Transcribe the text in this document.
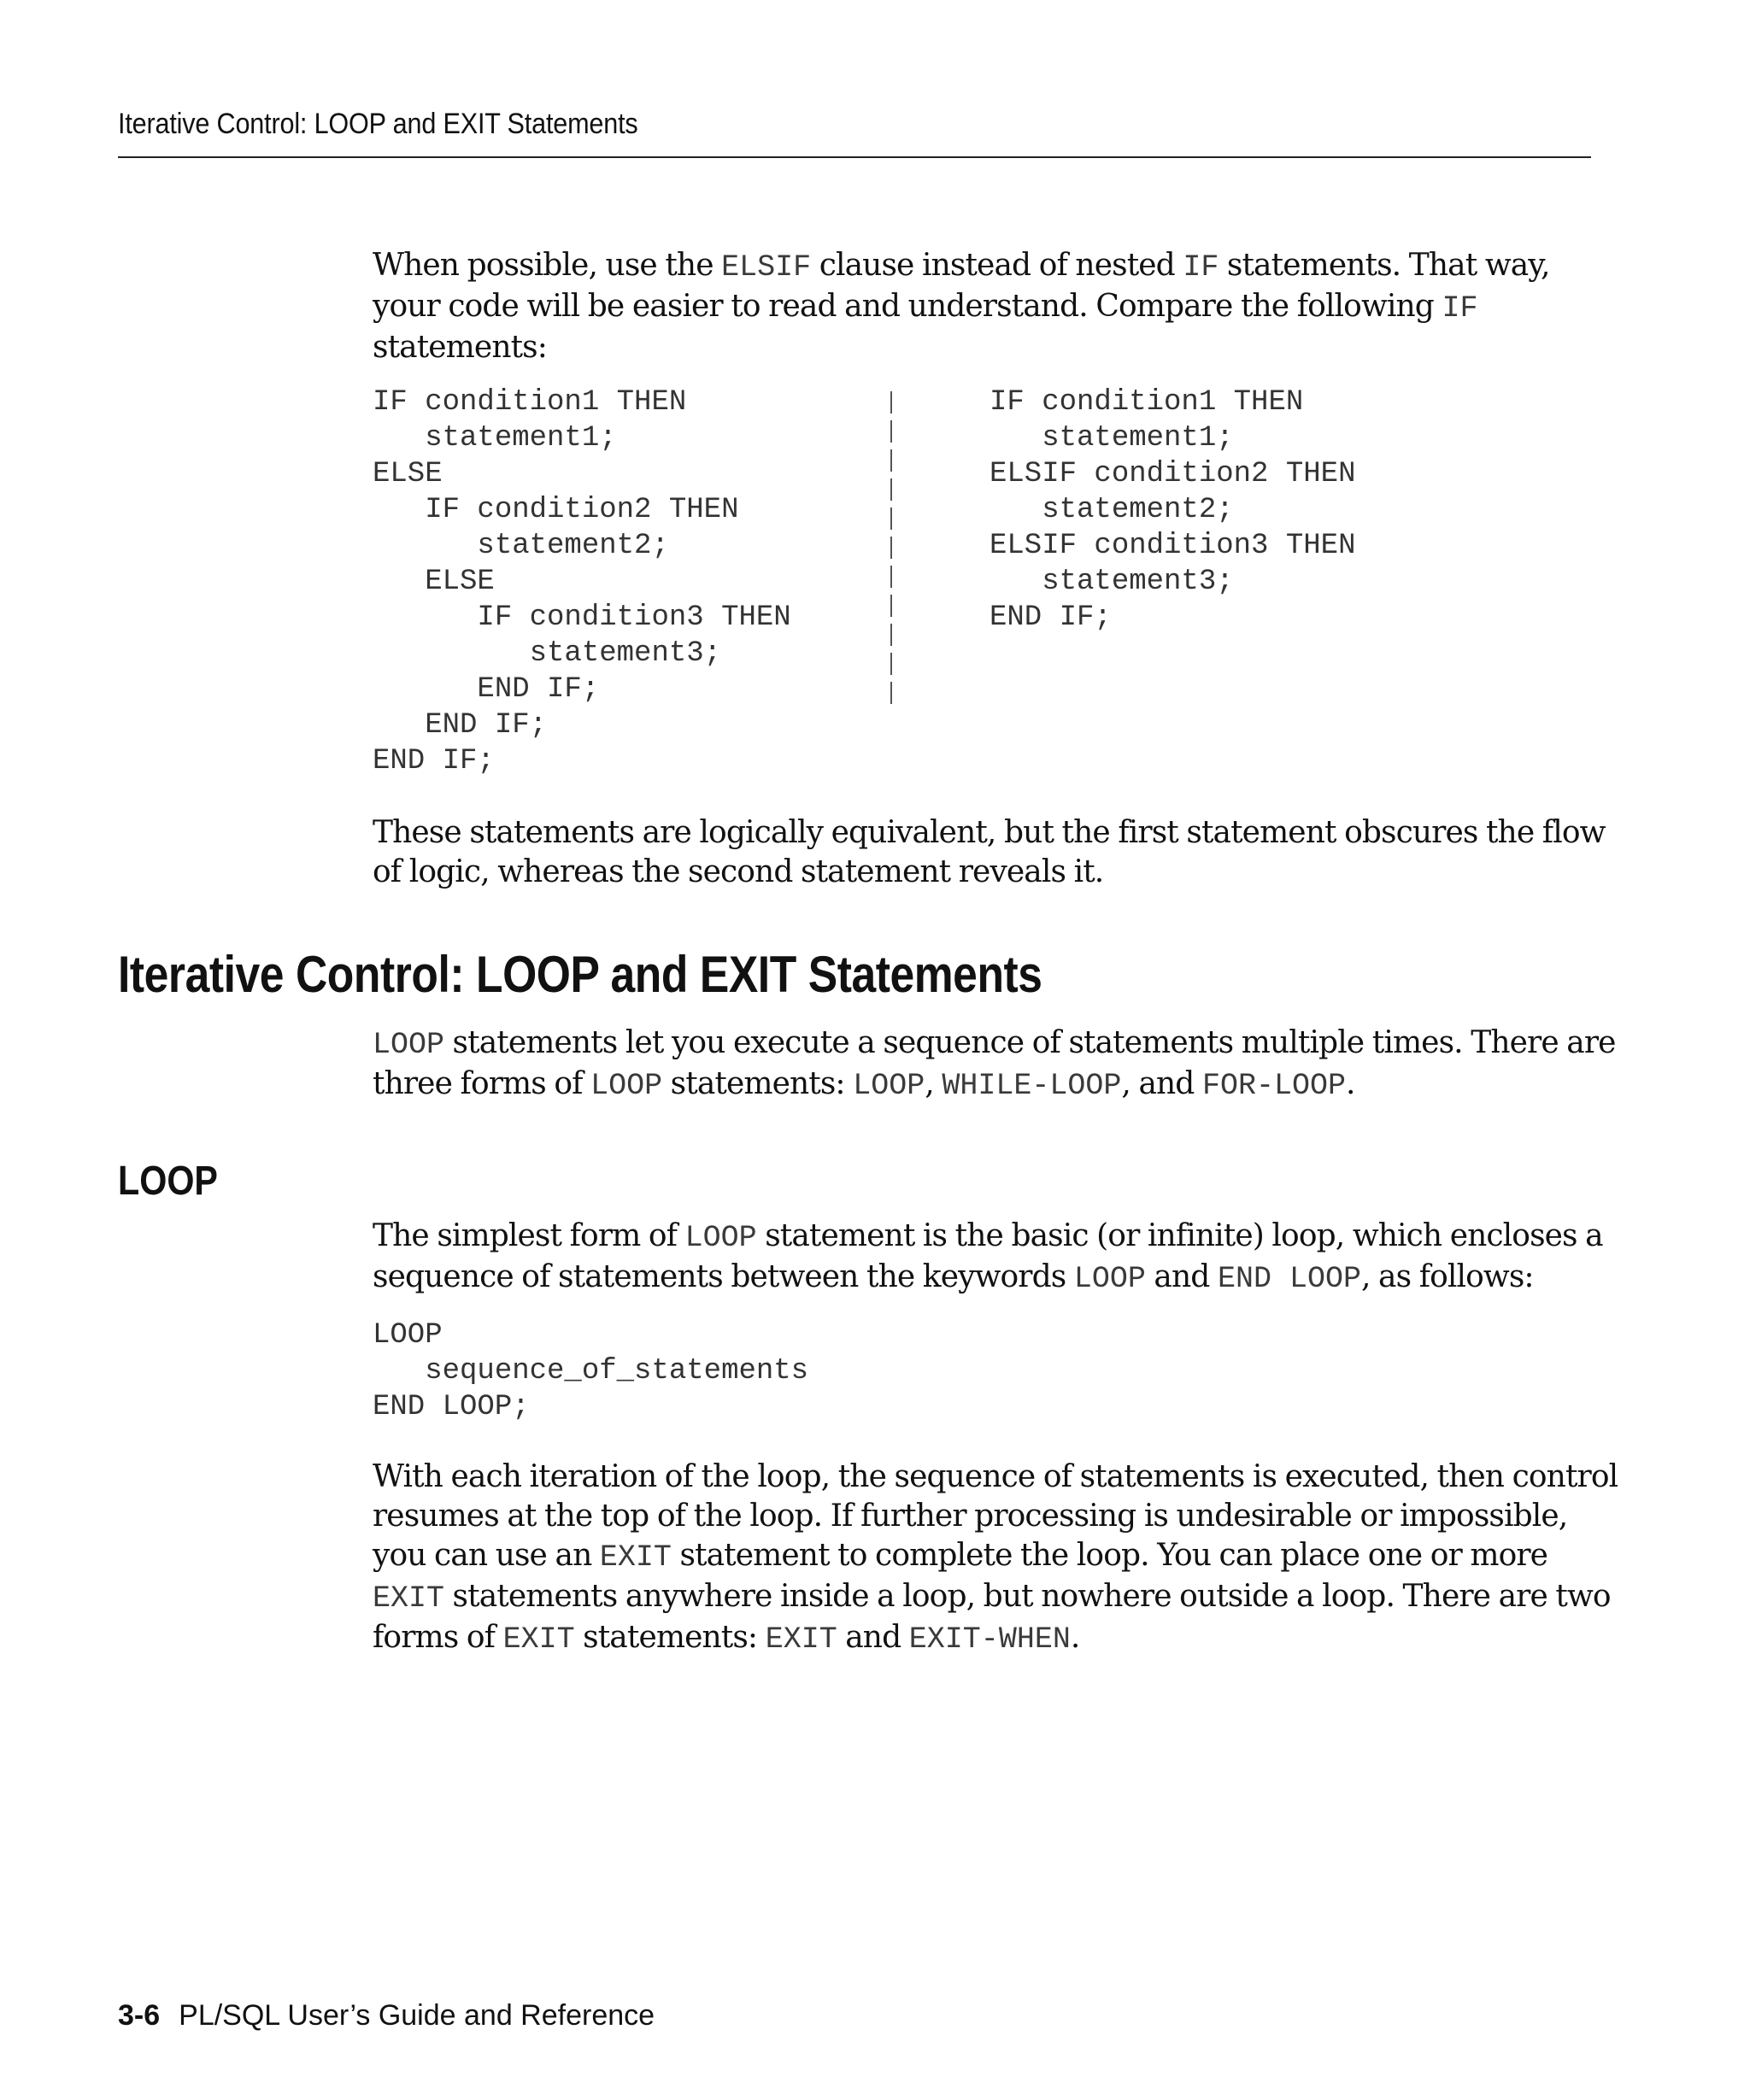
Iterative Control: LOOP and EXIT Statements

When possible, use the ELSIF clause instead of nested IF statements. That way,
your code will be easier to read and understand. Compare the following IF
statements:

IF condition1 THEN
statement1;
ELSE
IF condition2 THEN
statement2;
ELSE
IF condition3 THEN
statement3;
END IF;
END IF;
END IF;
IF condition1 THEN
statement1;
ELSIF condition2 THEN
statement2;
ELSIF condition3 THEN
statement3;
END IF;

These statements are logically equivalent, but the first statement obscures the flow
of logic, whereas the second statement reveals it.

Iterative Control: LOOP and EXIT Statements

LOOP statements let you execute a sequence of statements multiple times. There are
three forms of LOOP statements: LOOP, WHILE-LOOP, and FOR-LOOP.

LOOP

The simplest form of LOOP statement is the basic (or infinite) loop, which encloses a
sequence of statements between the keywords LOOP and END LOOP, as follows:

LOOP
sequence_of_statements
END LOOP;

With each iteration of the loop, the sequence of statements is executed, then control
resumes at the top of the loop. If further processing is undesirable or impossible,
you can use an EXIT statement to complete the loop. You can place one or more
EXIT statements anywhere inside a loop, but nowhere outside a loop. There are two
forms of EXIT statements: EXIT and EXIT-WHEN.

3-6 PL/SQL User’s Guide and Reference
